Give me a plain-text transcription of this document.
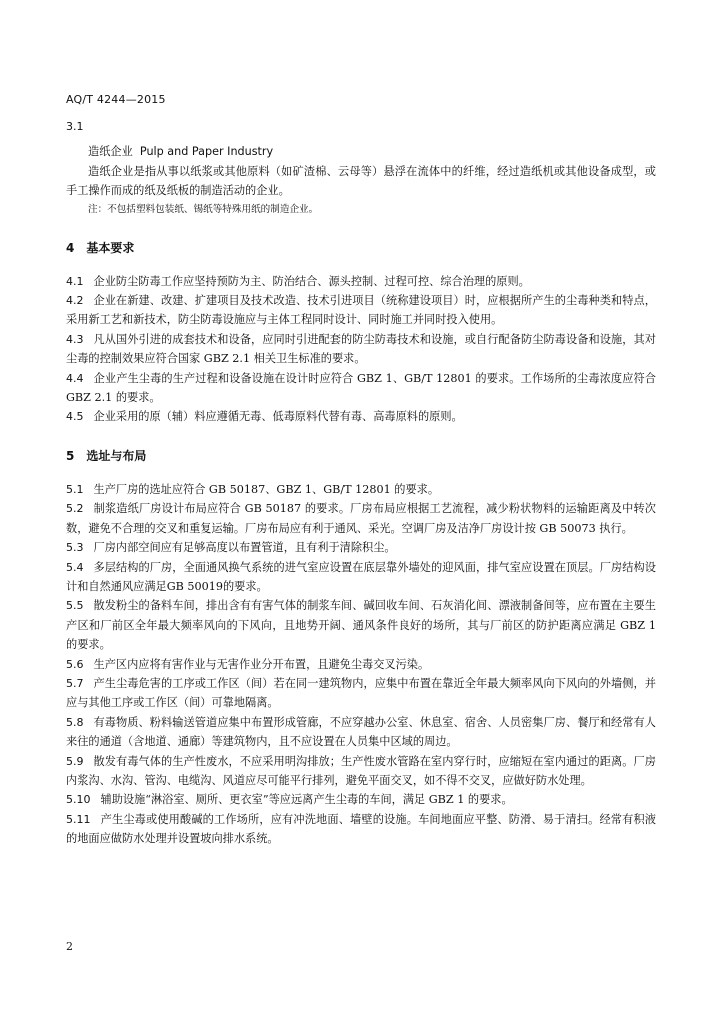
AQ/T 4244—2015

3.1

造纸企业 Pulp and Paper Industry

造纸企业是指从事以纸浆或其他原料（如矿渣棉、云母等）悬浮在流体中的纤维，经过造纸机或其他设备成型，或手工操作而成的纸及纸板的制造活动的企业。

注：不包括塑料包装纸、锡纸等特殊用纸的制造企业。

4　基本要求

4.1 企业防尘防毒工作应坚持预防为主、防治结合、源头控制、过程可控、综合治理的原则。

4.2 企业在新建、改建、扩建项目及技术改造、技术引进项目（统称建设项目）时，应根据所产生的尘毒种类和特点，采用新工艺和新技术，防尘防毒设施应与主体工程同时设计、同时施工并同时投入使用。

4.3 凡从国外引进的成套技术和设备，应同时引进配套的防尘防毒技术和设施，或自行配备防尘防毒设备和设施，其对尘毒的控制效果应符合国家 GBZ 2.1 相关卫生标准的要求。

4.4 企业产生尘毒的生产过程和设备设施在设计时应符合 GBZ 1、GB/T 12801 的要求。工作场所的尘毒浓度应符合 GBZ 2.1 的要求。

4.5 企业采用的原（辅）料应遵循无毒、低毒原料代替有毒、高毒原料的原则。

5　选址与布局

5.1 生产厂房的选址应符合 GB 50187、GBZ 1、GB/T 12801 的要求。

5.2 制浆造纸厂房设计布局应符合 GB 50187 的要求。厂房布局应根据工艺流程，减少粉状物料的运输距离及中转次数，避免不合理的交叉和重复运输。厂房布局应有利于通风、采光。空调厂房及洁净厂房设计按 GB 50073 执行。

5.3 厂房内部空间应有足够高度以布置管道，且有利于清除积尘。

5.4 多层结构的厂房，全面通风换气系统的进气室应设置在底层靠外墙处的迎风面，排气室应设置在顶层。厂房结构设计和自然通风应满足GB 50019的要求。

5.5 散发粉尘的备料车间，排出含有有害气体的制浆车间、碱回收车间、石灰消化间、漂液制备间等，应布置在主要生产区和厂前区全年最大频率风向的下风向，且地势开阔、通风条件良好的场所，其与厂前区的防护距离应满足 GBZ 1 的要求。

5.6 生产区内应将有害作业与无害作业分开布置，且避免尘毒交叉污染。

5.7 产生尘毒危害的工序或工作区（间）若在同一建筑物内，应集中布置在靠近全年最大频率风向下风向的外墙侧，并应与其他工序或工作区（间）可靠地隔离。

5.8 有毒物质、粉料输送管道应集中布置形成管廊，不应穿越办公室、休息室、宿舍、人员密集厂房、餐厅和经常有人来往的通道（含地道、通廊）等建筑物内，且不应设置在人员集中区域的周边。

5.9 散发有毒气体的生产性废水，不应采用明沟排放；生产性废水管路在室内穿行时，应缩短在室内通过的距离。厂房内浆沟、水沟、管沟、电缆沟、风道应尽可能平行排列，避免平面交叉，如不得不交叉，应做好防水处理。

5.10 辅助设施“淋浴室、厕所、更衣室”等应远离产生尘毒的车间，满足 GBZ 1 的要求。

5.11 产生尘毒或使用酸碱的工作场所，应有冲洗地面、墙壁的设施。车间地面应平整、防滑、易于清扫。经常有积液的地面应做防水处理并设置坡向排水系统。

2
